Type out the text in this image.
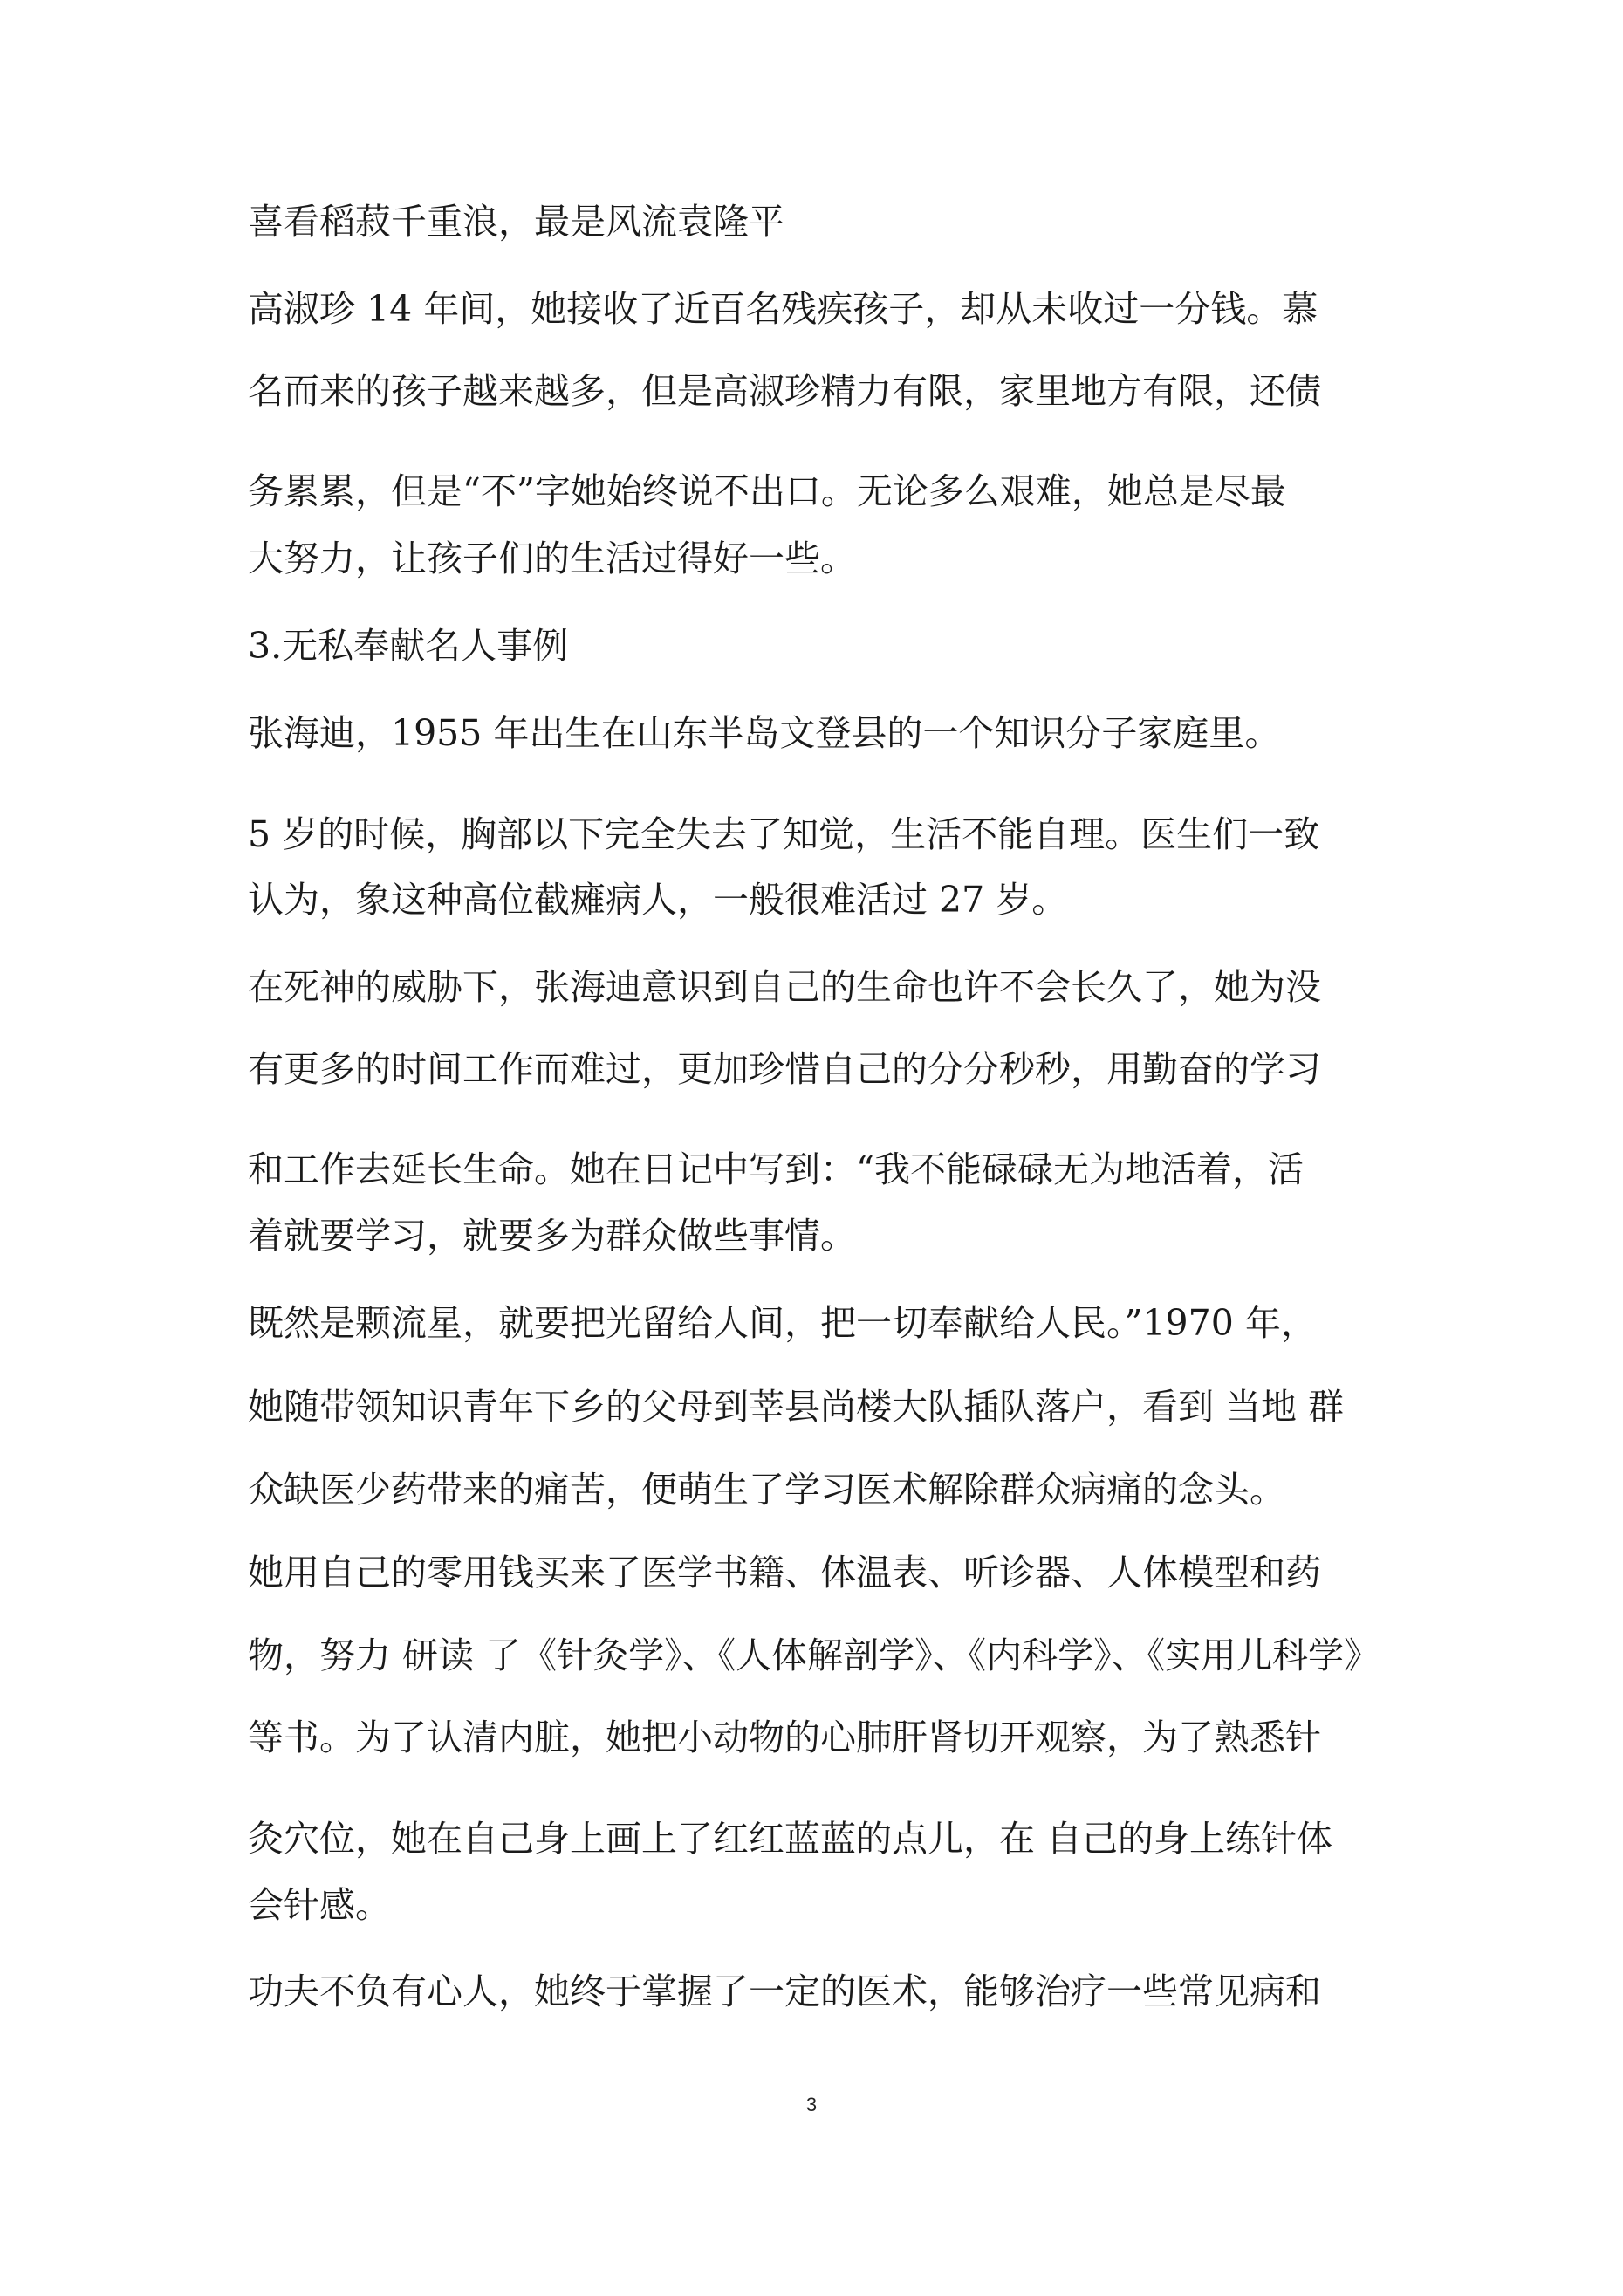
喜看稻菽千重浪，最是风流袁隆平
高淑珍 14 年间，她接收了近百名残疾孩子，却从未收过一分钱。慕
名而来的孩子越来越多，但是高淑珍精力有限，家里地方有限，还债
务累累，但是“不”字她始终说不出口。无论多么艰难，她总是尽最
大努力，让孩子们的生活过得好一些。
3.无私奉献名人事例
张海迪，1955 年出生在山东半岛文登县的一个知识分子家庭里。
5 岁的时候，胸部以下完全失去了知觉，生活不能自理。医生们一致
认为，象这种高位截瘫病人，一般很难活过 27 岁。
在死神的威胁下，张海迪意识到自己的生命也许不会长久了，她为没
有更多的时间工作而难过，更加珍惜自己的分分秒秒，用勤奋的学习
和工作去延长生命。她在日记中写到：“我不能碌碌无为地活着，活
着就要学习，就要多为群众做些事情。
既然是颗流星，就要把光留给人间，把一切奉献给人民。”1970 年，
她随带领知识青年下乡的父母到莘县尚楼大队插队落户，看到 当地 群
众缺医少药带来的痛苦，便萌生了学习医术解除群众病痛的念头。
她用自己的零用钱买来了医学书籍、体温表、听诊器、人体模型和药
物，努力 研读 了《针灸学》、《人体解剖学》、《内科学》、《实用儿科学》
等书。为了认清内脏，她把小动物的心肺肝肾切开观察，为了熟悉针
灸穴位，她在自己身上画上了红红蓝蓝的点儿，在 自己的身上练针体
会针感。
功夫不负有心人，她终于掌握了一定的医术，能够治疗一些常见病和
3
